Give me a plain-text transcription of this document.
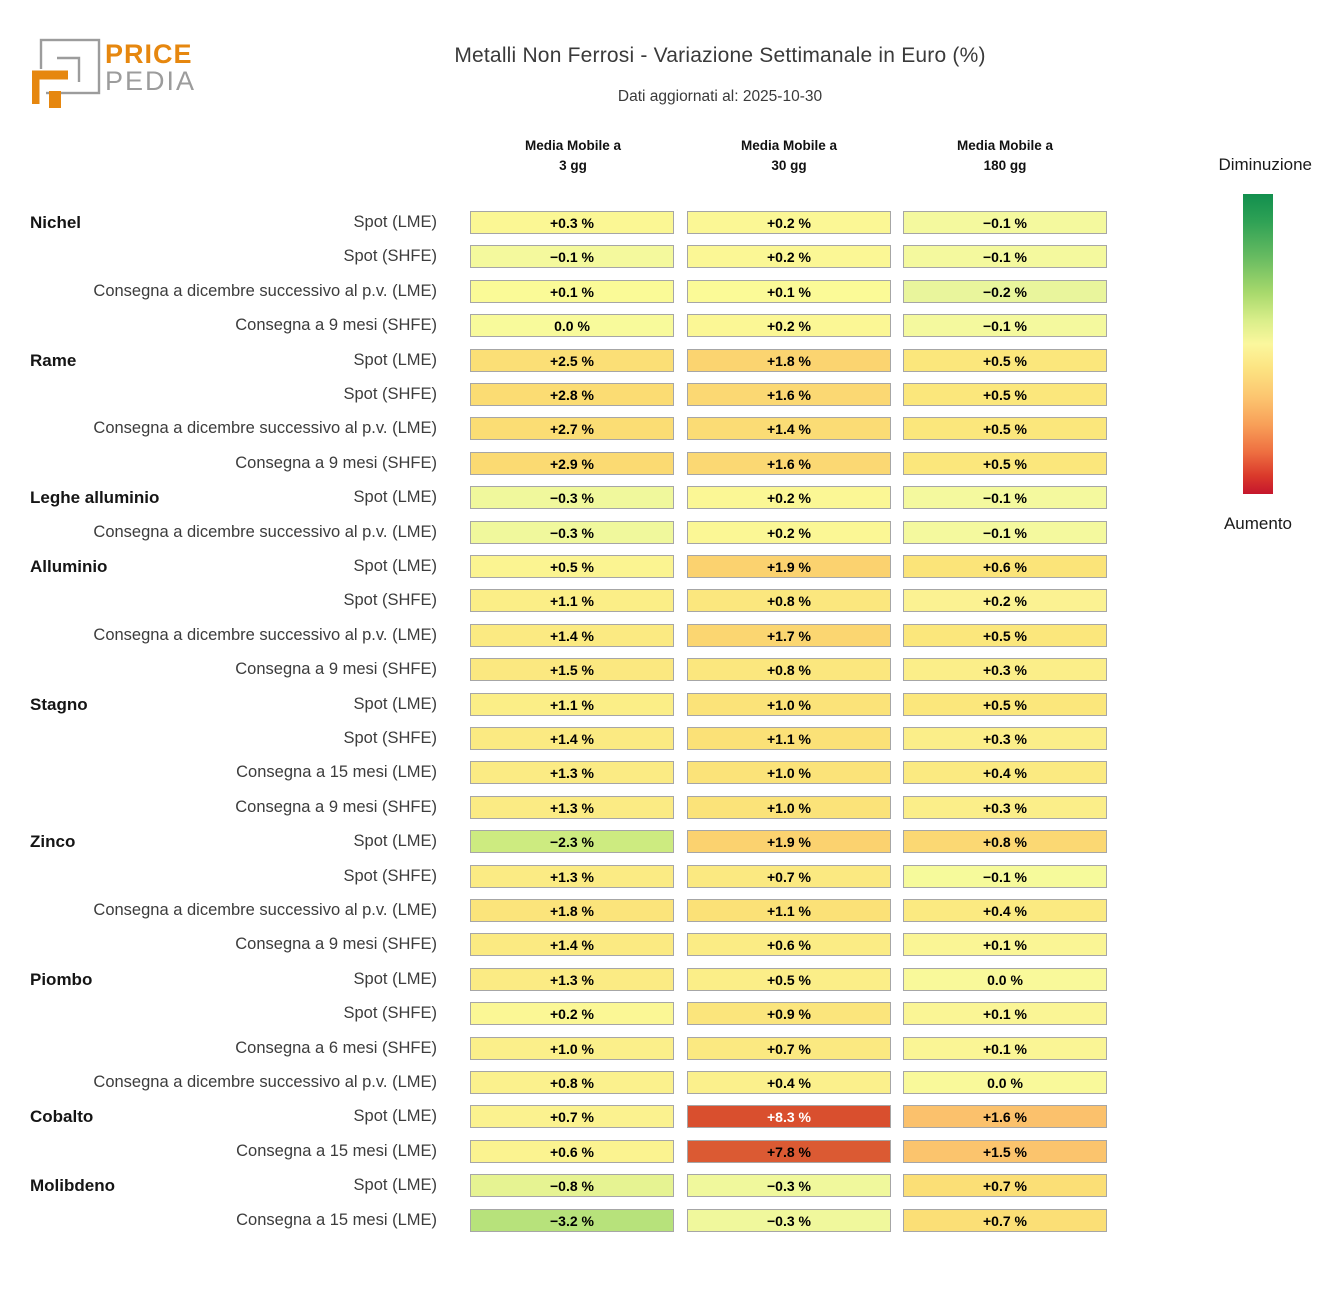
PRICE
PEDIA
Metalli Non Ferrosi - Variazione Settimanale in Euro (%)
Dati aggiornati al: 2025-10-30
Media Mobile a
3 gg
Media Mobile a
30 gg
Media Mobile a
180 gg	Diminuzione
Aumento
Nichel	Spot (LME)	+0.3 %	+0.2 %	−0.1 %
Spot (SHFE)	−0.1 %	+0.2 %	−0.1 %
Consegna a dicembre successivo al p.v. (LME)	+0.1 %	+0.1 %	−0.2 %
Consegna a 9 mesi (SHFE)	0.0 %	+0.2 %	−0.1 %
Rame	Spot (LME)	+2.5 %	+1.8 %	+0.5 %
Spot (SHFE)	+2.8 %	+1.6 %	+0.5 %
Consegna a dicembre successivo al p.v. (LME)	+2.7 %	+1.4 %	+0.5 %
Consegna a 9 mesi (SHFE)	+2.9 %	+1.6 %	+0.5 %
Leghe alluminio	Spot (LME)	−0.3 %	+0.2 %	−0.1 %
Consegna a dicembre successivo al p.v. (LME)	−0.3 %	+0.2 %	−0.1 %
Alluminio	Spot (LME)	+0.5 %	+1.9 %	+0.6 %
Spot (SHFE)	+1.1 %	+0.8 %	+0.2 %
Consegna a dicembre successivo al p.v. (LME)	+1.4 %	+1.7 %	+0.5 %
Consegna a 9 mesi (SHFE)	+1.5 %	+0.8 %	+0.3 %
Stagno	Spot (LME)	+1.1 %	+1.0 %	+0.5 %
Spot (SHFE)	+1.4 %	+1.1 %	+0.3 %
Consegna a 15 mesi (LME)	+1.3 %	+1.0 %	+0.4 %
Consegna a 9 mesi (SHFE)	+1.3 %	+1.0 %	+0.3 %
Zinco	Spot (LME)	−2.3 %	+1.9 %	+0.8 %
Spot (SHFE)	+1.3 %	+0.7 %	−0.1 %
Consegna a dicembre successivo al p.v. (LME)	+1.8 %	+1.1 %	+0.4 %
Consegna a 9 mesi (SHFE)	+1.4 %	+0.6 %	+0.1 %
Piombo	Spot (LME)	+1.3 %	+0.5 %	0.0 %
Spot (SHFE)	+0.2 %	+0.9 %	+0.1 %
Consegna a 6 mesi (SHFE)	+1.0 %	+0.7 %	+0.1 %
Consegna a dicembre successivo al p.v. (LME)	+0.8 %	+0.4 %	0.0 %
Cobalto	Spot (LME)	+0.7 %	+8.3 %	+1.6 %
Consegna a 15 mesi (LME)	+0.6 %	+7.8 %	+1.5 %
Molibdeno	Spot (LME)	−0.8 %	−0.3 %	+0.7 %
Consegna a 15 mesi (LME)	−3.2 %	−0.3 %	+0.7 %
